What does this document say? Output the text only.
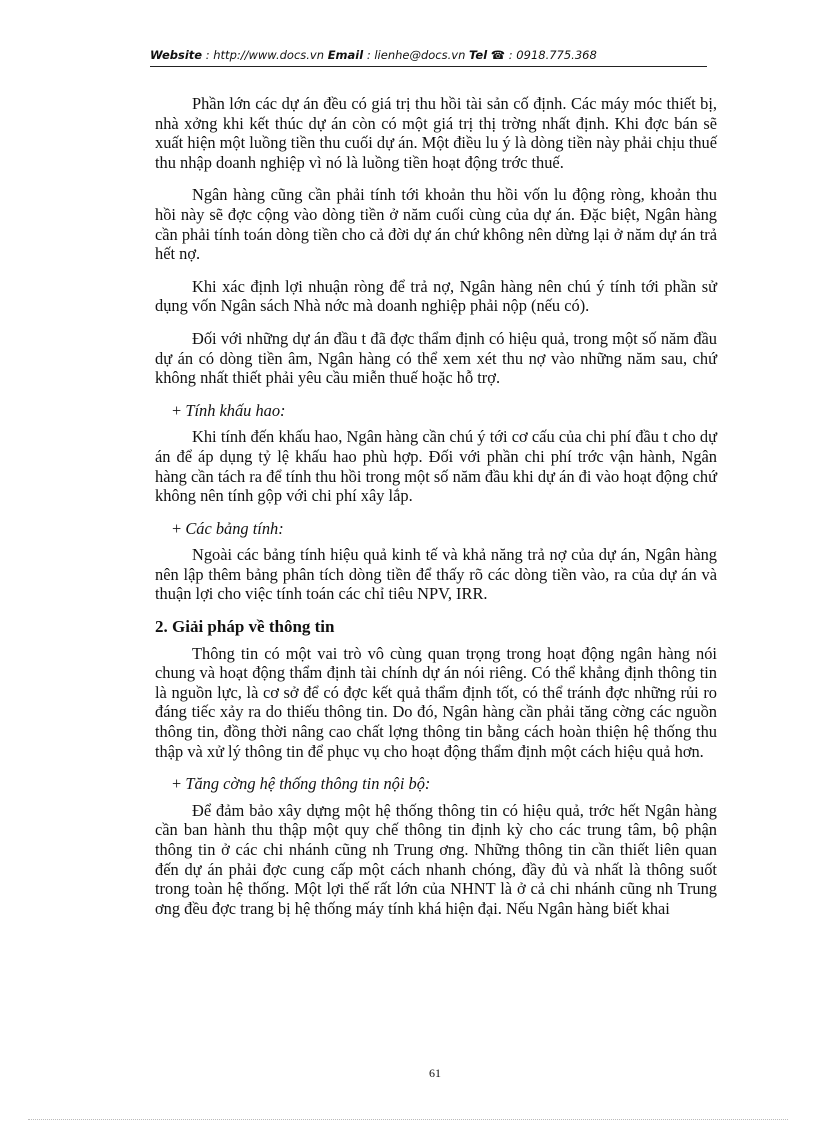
Website : http://www.docs.vn Email : lienhe@docs.vn Tel ☎ : 0918.775.368

Phần lớn các dự án đều có giá trị thu hồi tài sản cố định. Các máy móc thiết bị, nhà xởng khi kết thúc dự án còn có một giá trị thị trờng nhất định. Khi đợc bán sẽ xuất hiện một luồng tiền thu cuối dự án. Một điều lu ý là dòng tiền này phải chịu thuế thu nhập doanh nghiệp vì nó là luồng tiền hoạt động trớc thuế.

Ngân hàng cũng cần phải tính tới khoản thu hồi vốn lu động ròng, khoản thu hồi này sẽ đợc cộng vào dòng tiền ở năm cuối cùng của dự án. Đặc biệt, Ngân hàng cần phải tính toán dòng tiền cho cả đời dự án chứ không nên dừng lại ở năm dự án trả hết nợ.

Khi xác định lợi nhuận ròng để trả nợ, Ngân hàng nên chú ý tính tới phần sử dụng vốn Ngân sách Nhà nớc mà doanh nghiệp phải nộp (nếu có).

Đối với những dự án đầu t đã đợc thẩm định có hiệu quả, trong một số năm đầu dự án có dòng tiền âm, Ngân hàng có thể xem xét thu nợ vào những năm sau, chứ không nhất thiết phải yêu cầu miễn thuế hoặc hỗ trợ.

+ Tính khấu hao:

Khi tính đến khấu hao, Ngân hàng cần chú ý tới cơ cấu của chi phí đầu t cho dự án để áp dụng tỷ lệ khấu hao phù hợp. Đối với phần chi phí trớc vận hành, Ngân hàng cần tách ra để tính thu hồi trong một số năm đầu khi dự án đi vào hoạt động chứ không nên tính gộp với chi phí xây lắp.

+ Các bảng tính:

Ngoài các bảng tính hiệu quả kinh tế và khả năng trả nợ của dự án, Ngân hàng nên lập thêm bảng phân tích dòng tiền để thấy rõ các dòng tiền vào, ra của dự án và thuận lợi cho việc tính toán các chỉ tiêu NPV, IRR.

2. Giải pháp về thông tin

Thông tin có một vai trò vô cùng quan trọng trong hoạt động ngân hàng nói chung và hoạt động thẩm định tài chính dự án nói riêng. Có thể khẳng định thông tin là nguồn lực, là cơ sở để có đợc kết quả thẩm định tốt, có thể tránh đợc những rủi ro đáng tiếc xảy ra do thiếu thông tin. Do đó, Ngân hàng cần phải tăng cờng các nguồn thông tin, đồng thời nâng cao chất lợng thông tin bằng cách hoàn thiện hệ thống thu thập và xử lý thông tin để phục vụ cho hoạt động thẩm định một cách hiệu quả hơn.

+ Tăng cờng hệ thống thông tin nội bộ:

Để đảm bảo xây dựng một hệ thống thông tin có hiệu quả, trớc hết Ngân hàng cần ban hành thu thập một quy chế thông tin định kỳ cho các trung tâm, bộ phận thông tin ở các chi nhánh cũng nh Trung ơng. Những thông tin cần thiết liên quan đến dự án phải đợc cung cấp một cách nhanh chóng, đầy đủ và nhất là thông suốt trong toàn hệ thống. Một lợi thế rất lớn của NHNT là ở cả chi nhánh cũng nh Trung ơng đều đợc trang bị hệ thống máy tính khá hiện đại. Nếu Ngân hàng biết khai

61
